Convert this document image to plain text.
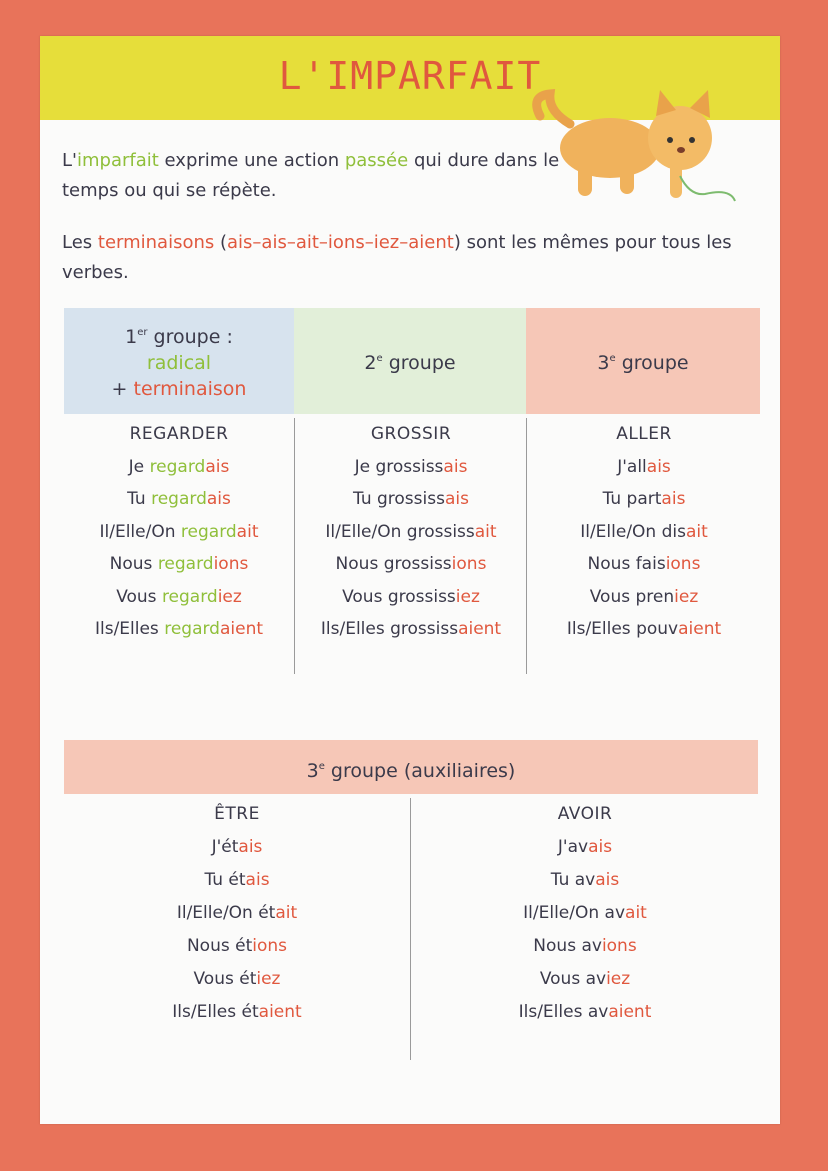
L'IMPARFAIT
L'imparfait exprime une action passée qui dure dans le temps ou qui se répète.
Les terminaisons (ais–ais–ait–ions–iez–aient) sont les mêmes pour tous les verbes.
1er groupe :
radical
+ terminaison
2e groupe	3e groupe
REGARDER
Je regardais
Tu regardais
Il/Elle/On regardait
Nous regardions
Vous regardiez
Ils/Elles regardaient
GROSSIR
Je grossissais
Tu grossissais
Il/Elle/On grossissait
Nous grossissions
Vous grossissiez
Ils/Elles grossissaient
ALLER
J'allais
Tu partais
Il/Elle/On disait
Nous faisions
Vous preniez
Ils/Elles pouvaient
3e groupe (auxiliaires)
ÊTRE
J'étais
Tu étais
Il/Elle/On était
Nous étions
Vous étiez
Ils/Elles étaient
AVOIR
J'avais
Tu avais
Il/Elle/On avait
Nous avions
Vous aviez
Ils/Elles avaient
